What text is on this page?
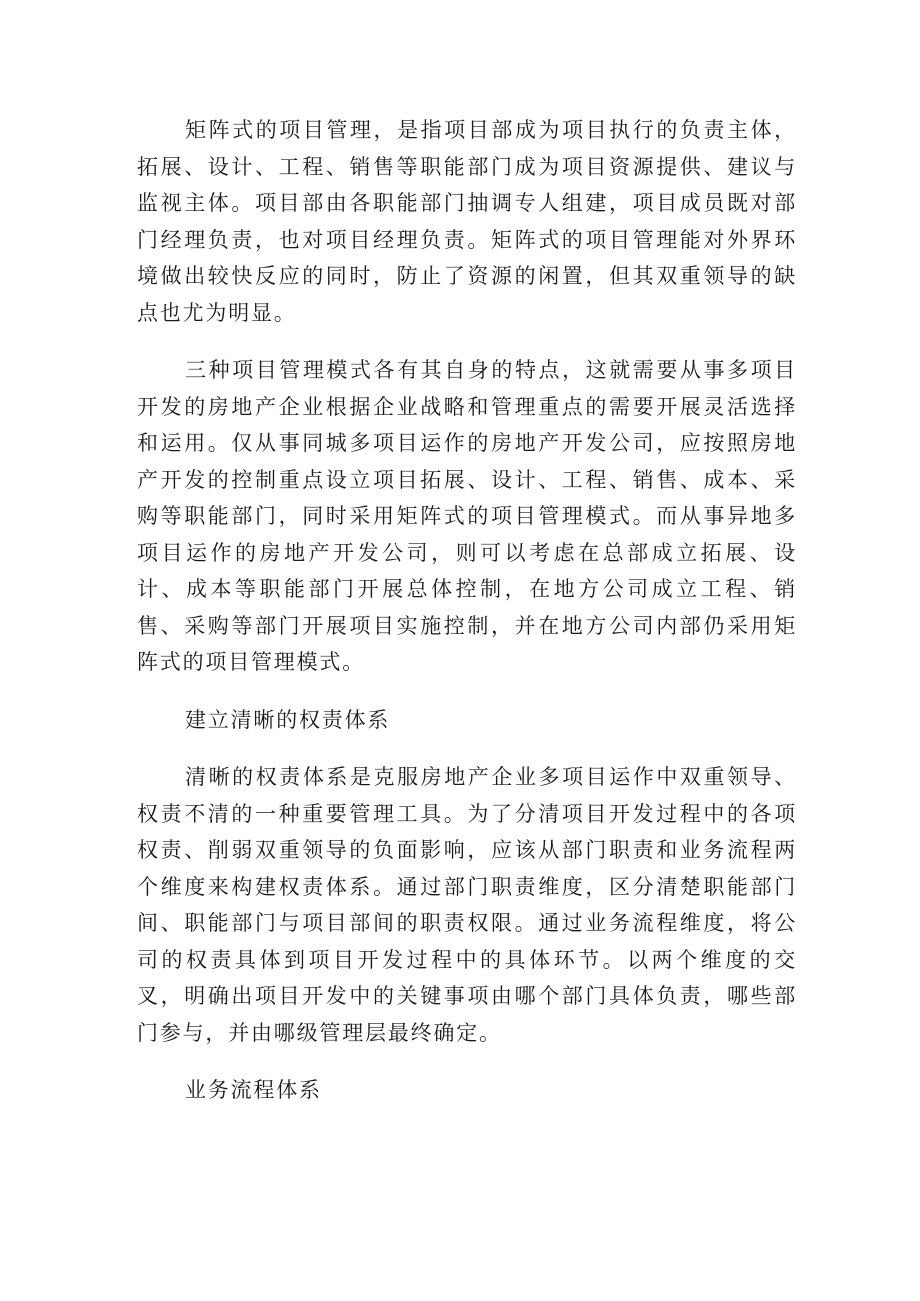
矩阵式的项目管理，是指项目部成为项目执行的负责主体，拓展、设计、工程、销售等职能部门成为项目资源提供、建议与监视主体。项目部由各职能部门抽调专人组建，项目成员既对部门经理负责，也对项目经理负责。矩阵式的项目管理能对外界环境做出较快反应的同时，防止了资源的闲置，但其双重领导的缺点也尤为明显。

三种项目管理模式各有其自身的特点，这就需要从事多项目开发的房地产企业根据企业战略和管理重点的需要开展灵活选择和运用。仅从事同城多项目运作的房地产开发公司，应按照房地产开发的控制重点设立项目拓展、设计、工程、销售、成本、采购等职能部门，同时采用矩阵式的项目管理模式。而从事异地多项目运作的房地产开发公司，则可以考虑在总部成立拓展、设计、成本等职能部门开展总体控制，在地方公司成立工程、销售、采购等部门开展项目实施控制，并在地方公司内部仍采用矩阵式的项目管理模式。

建立清晰的权责体系

清晰的权责体系是克服房地产企业多项目运作中双重领导、权责不清的一种重要管理工具。为了分清项目开发过程中的各项权责、削弱双重领导的负面影响，应该从部门职责和业务流程两个维度来构建权责体系。通过部门职责维度，区分清楚职能部门间、职能部门与项目部间的职责权限。通过业务流程维度，将公司的权责具体到项目开发过程中的具体环节。以两个维度的交叉，明确出项目开发中的关键事项由哪个部门具体负责，哪些部门参与，并由哪级管理层最终确定。

业务流程体系
